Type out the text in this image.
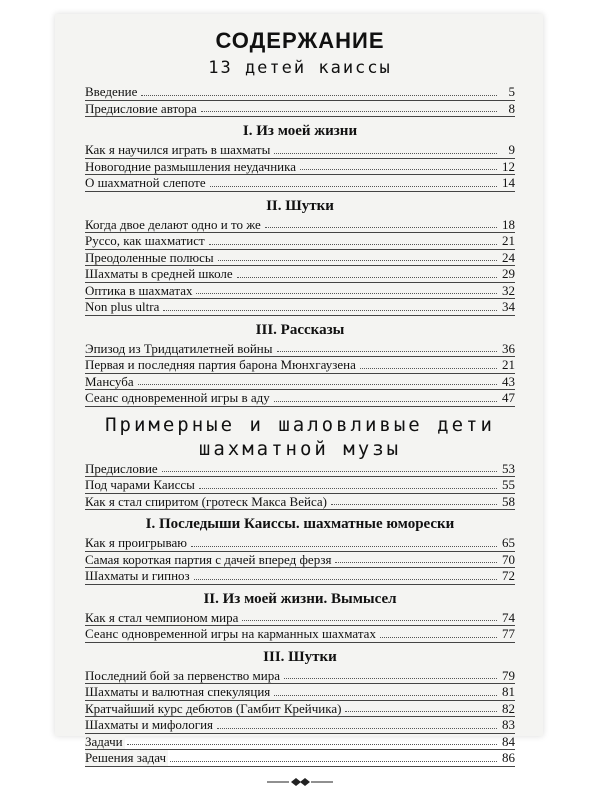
СОДЕРЖАНИЕ
13 детей каиссы
Введение	5
Предисловие автора	8
I. Из моей жизни
Как я научился играть в шахматы	9
Новогодние размышления неудачника	12
О шахматной слепоте	14
II. Шутки
Когда двое делают одно и то же	18
Руссо, как шахматист	21
Преодоленные полюсы	24
Шахматы в средней школе	29
Оптика в шахматах	32
Non plus ultra	34
III. Рассказы
Эпизод из Тридцатилетней войны	36
Первая и последняя партия барона Мюнхгаузена	21
Мансуба	43
Сеанс одновременной игры в аду	47
Примерные и шаловливые дети
шахматной музы
Предисловие	53
Под чарами Каиссы	55
Как я стал спиритом (гротеск Макса Вейса)	58
I. Последыши Каиссы. шахматные юморески
Как я проигрываю	65
Самая короткая партия с дачей вперед ферзя	70
Шахматы и гипноз	72
II. Из моей жизни. Вымысел
Как я стал чемпионом мира	74
Сеанс одновременной игры на карманных шахматах	77
III. Шутки
Последний бой за первенство мира	79
Шахматы и валютная спекуляция	81
Кратчайший курс дебютов (Гамбит Крейчика)	82
Шахматы и мифология	83
Задачи	84
Решения задач	86
